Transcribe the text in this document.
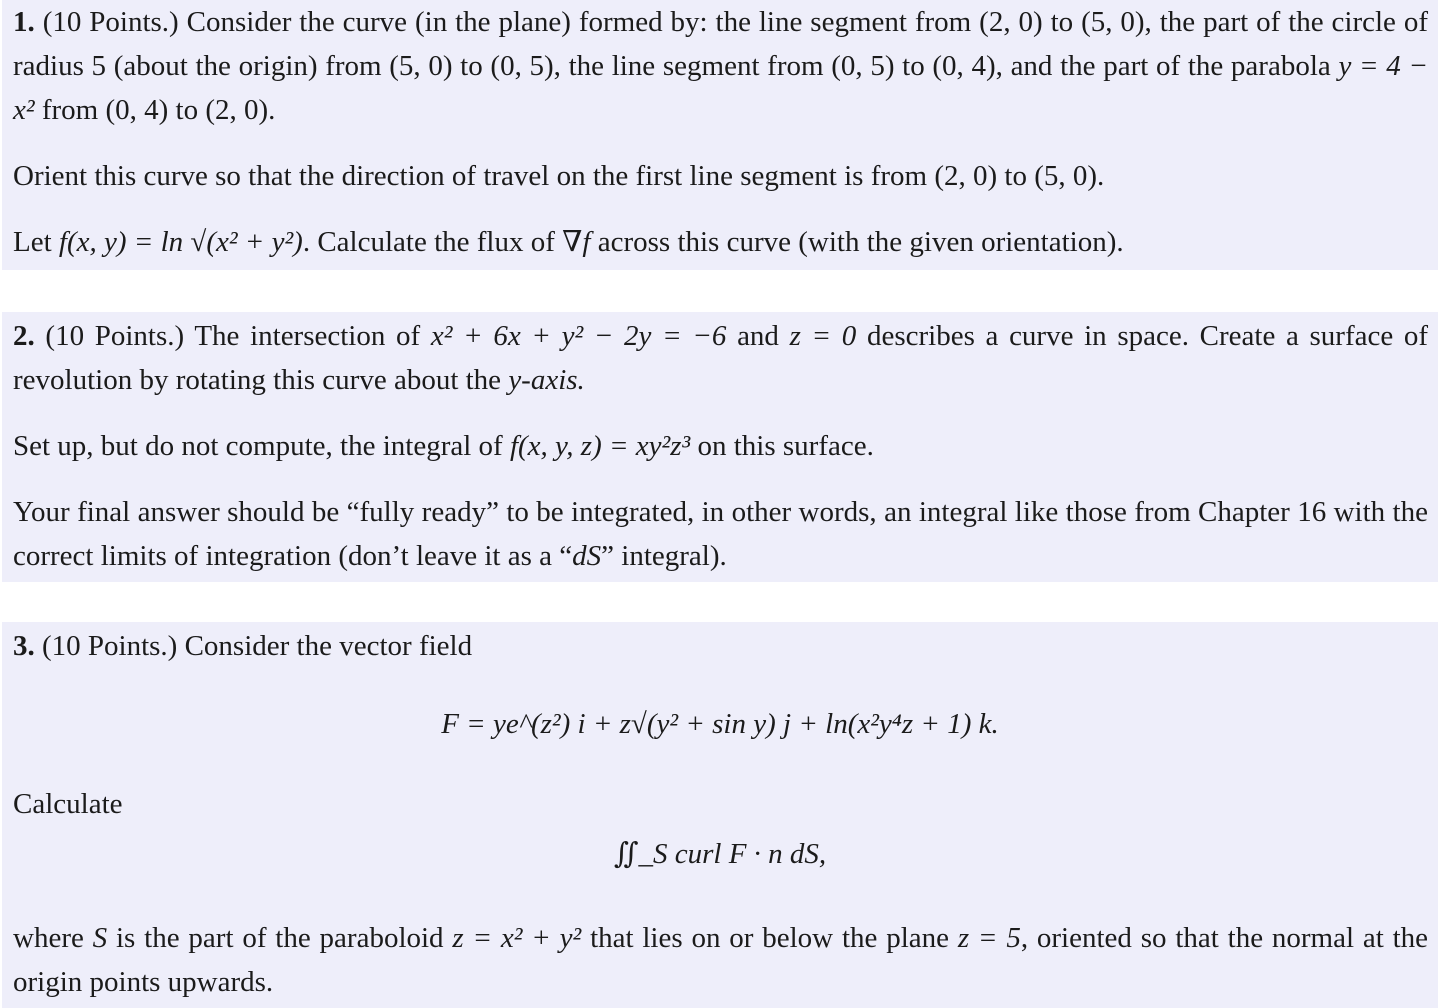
1. (10 Points.) Consider the curve (in the plane) formed by: the line segment from (2, 0) to (5, 0), the part of the circle of radius 5 (about the origin) from (5, 0) to (0, 5), the line segment from (0, 5) to (0, 4), and the part of the parabola y = 4 − x² from (0, 4) to (2, 0).

Orient this curve so that the direction of travel on the first line segment is from (2, 0) to (5, 0).

Let f(x, y) = ln √(x² + y²). Calculate the flux of ∇f across this curve (with the given orientation).

2. (10 Points.) The intersection of x² + 6x + y² − 2y = −6 and z = 0 describes a curve in space. Create a surface of revolution by rotating this curve about the y-axis.

Set up, but do not compute, the integral of f(x, y, z) = xy²z³ on this surface.

Your final answer should be “fully ready” to be integrated, in other words, an integral like those from Chapter 16 with the correct limits of integration (don’t leave it as a “dS” integral).

3. (10 Points.) Consider the vector field

F = ye^(z²) i + z√(y² + sin y) j + ln(x²y⁴z + 1) k.

Calculate

∬_S curl F · n dS,

where S is the part of the paraboloid z = x² + y² that lies on or below the plane z = 5, oriented so that the normal at the origin points upwards.
